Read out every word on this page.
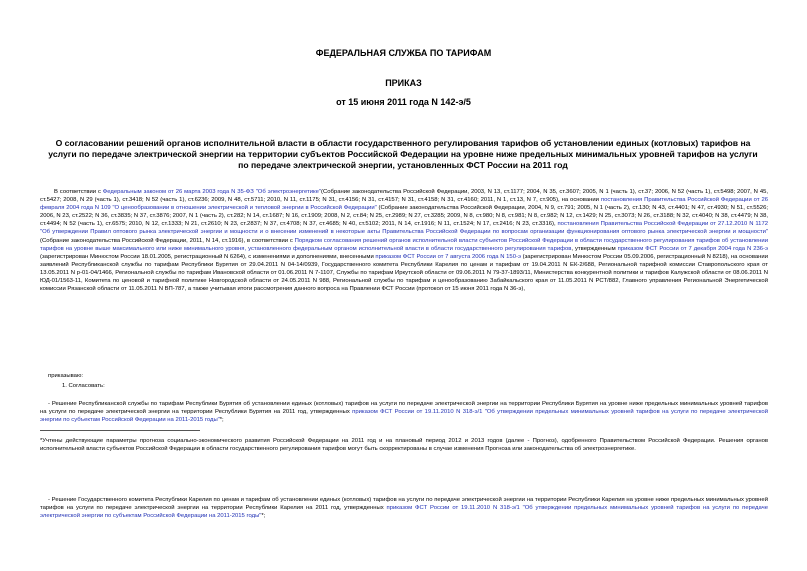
ФЕДЕРАЛЬНАЯ СЛУЖБА ПО ТАРИФАМ
ПРИКАЗ
от 15 июня 2011 года N 142-э/5
О согласовании решений органов исполнительной власти в области государственного регулирования тарифов об установлении единых (котловых) тарифов на услуги по передаче электрической энергии на территории субъектов Российской Федерации на уровне ниже предельных минимальных уровней тарифов на услуги по передаче электрической энергии, установленных ФСТ России на 2011 год
В соответствии с Федеральным законом от 26 марта 2003 года N 35-ФЗ "Об электроэнергетике"(Собрание законодательства Российской Федерации, 2003, N 13, ст.1177; 2004, N 35, ст.3607; 2005, N 1 (часть 1), ст.37; 2006, N 52 (часть 1), ст.5498; 2007, N 45, ст.5427; 2008, N 29 (часть 1), ст.3418; N 52 (часть 1), ст.6236; 2009, N 48, ст.5711; 2010, N 11, ст.1175; N 31, ст.4156; N 31, ст.4157; N 31, ст.4158; N 31, ст.4160; 2011, N 1, ст.13, N 7, ст.905), на основании постановления Правительства Российской Федерации от 26 февраля 2004 года N 109 "О ценообразовании в отношении электрической и тепловой энергии в Российской Федерации" (Собрание законодательства Российской Федерации, 2004, N 9, ст.791; 2005, N 1 (часть 2), ст.130; N 43, ст.4401; N 47, ст.4930; N 51, ст.5526; 2006, N 23, ст.2522; N 36, ст.3835; N 37, ст.3876; 2007, N 1 (часть 2), ст.282; N 14, ст.1687; N 16, ст.1909; 2008, N 2, ст.84; N 25, ст.2989; N 27, ст.3285; 2009, N 8, ст.980; N 8, ст.981; N 8, ст.982; N 12, ст.1429; N 25, ст.3073; N 26, ст.3188; N 32, ст.4040; N 38, ст.4479; N 38, ст.4494; N 52 (часть 1), ст.6575; 2010, N 12, ст.1333; N 21, ст.2610; N 23, ст.2837; N 37, ст.4708; N 37, ст.4685; N 40, ст.5102; 2011, N 14, ст.1916; N 11, ст.1524; N 17, ст.2416; N 23, ст.3316), постановления Правительства Российской Федерации от 27.12.2010 N 1172 "Об утверждении Правил оптового рынка электрической энергии и мощности и о внесении изменений в некоторые акты Правительства Российской Федерации по вопросам организации функционирования оптового рынка электрической энергии и мощности" (Собрание законодательства Российской Федерации, 2011, N 14, ст.1916), в соответствии с Порядком согласования решений органов исполнительной власти субъектов Российской Федерации в области государственного регулирования тарифов об установлении тарифов на уровне выше максимального или ниже минимального уровня, установленного федеральным органом исполнительной власти в области государственного регулирования тарифов, утвержденным приказом ФСТ России от 7 декабря 2004 года N 236-э (зарегистрирован Минюстом России 18.01.2005, регистрационный N 6264), с изменениями и дополнениями, внесенными приказом ФСТ России от 7 августа 2006 года N 150-э (зарегистрирован Минюстом России 05.09.2006, регистрационный N 8218), на основании заявлений Республиканской службы по тарифам Республики Бурятия от 29.04.2011 N 04-14/0939, Государственного комитета Республики Карелия по ценам и тарифам от 19.04.2011 N ЕК-2/688, Региональной тарифной комиссии Ставропольского края от 13.05.2011 N р-01-04/1466, Региональной службы по тарифам Ивановской области от 01.06.2011 N 7-1107, Службы по тарифам Иркутской области от 09.06.2011 N 79-37-1893/11, Министерства конкурентной политики и тарифов Калужской области от 08.06.2011 N ЮД-01/1563-11, Комитета по ценовой и тарифной политике Новгородской области от 24.05.2011 N 988, Региональной службы по тарифам и ценообразованию Забайкальского края от 11.05.2011 N РСТ/882, Главного управления Региональной Энергетической комиссии Рязанской области от 11.05.2011 N ВП-787, а также учитывая итоги рассмотрения данного вопроса на Правлении ФСТ России (протокол от 15 июня 2011 года N 36-э),
приказываю:
1. Согласовать:
- Решение Республиканской службы по тарифам Республики Бурятия об установлении единых (котловых) тарифов на услуги по передаче электрической энергии на территории Республики Бурятия на уровне ниже предельных минимальных уровней тарифов на услуги по передаче электрической энергии на территории Республики Бурятия на 2011 год, утвержденных приказом ФСТ России от 19.11.2010 N 318-э/1 "Об утверждении предельных минимальных уровней тарифов на услуги по передаче электрической энергии по субъектам Российской Федерации на 2011-2015 годы"*;
*Учтены действующие параметры прогноза социально-экономического развития Российской Федерации на 2011 год и на плановый период 2012 и 2013 годов (далее - Прогноз), одобренного Правительством Российской Федерации. Решения органов исполнительной власти субъектов Российской Федерации в области государственного регулирования тарифов могут быть скорректированы в случае изменения Прогноза или законодательства об электроэнергетике.
- Решение Государственного комитета Республики Карелия по ценам и тарифам об установлении единых (котловых) тарифов на услуги по передаче электрической энергии на территории Республики Карелия на уровне ниже предельных минимальных уровней тарифов на услуги по передаче электрической энергии на территории Республики Карелия на 2011 год, утвержденных приказом ФСТ России от 19.11.2010 N 318-э/1 "Об утверждении предельных минимальных уровней тарифов на услуги по передаче электрической энергии по субъектам Российской Федерации на 2011-2015 годы"*;
